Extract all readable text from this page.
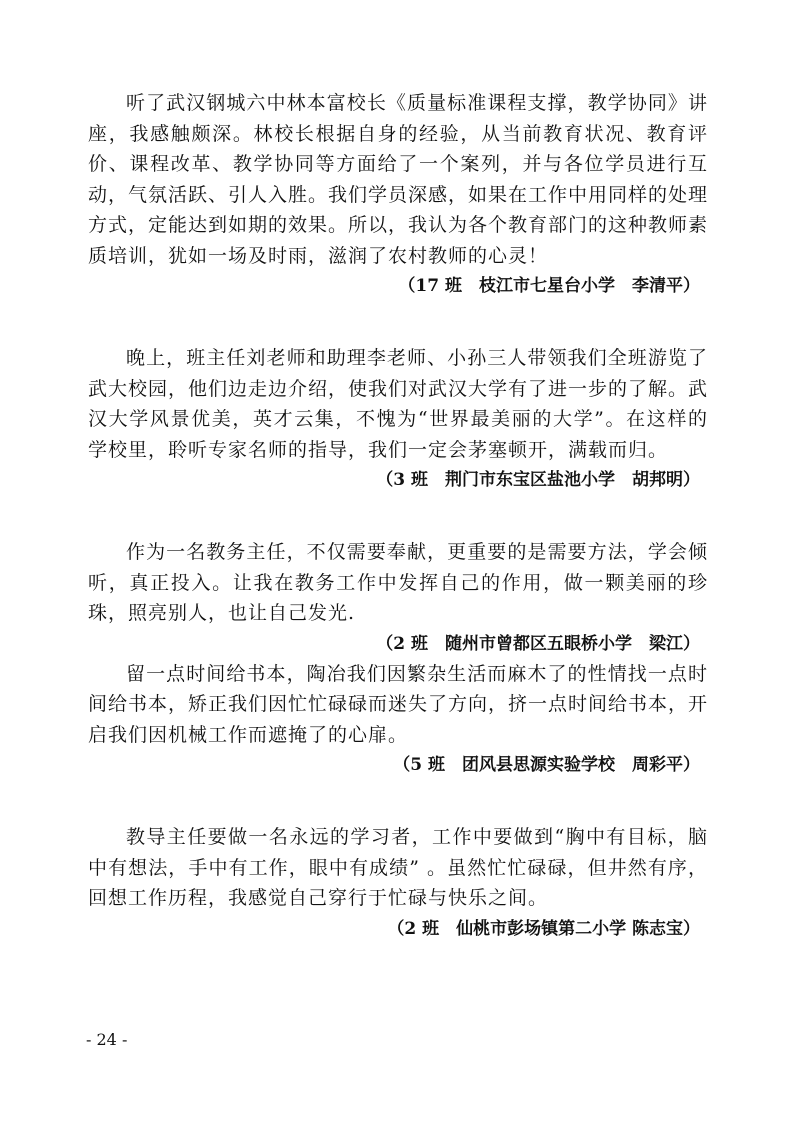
听了武汉钢城六中林本富校长《质量标准课程支撑，教学协同》讲座，我感触颇深。林校长根据自身的经验，从当前教育状况、教育评价、课程改革、教学协同等方面给了一个案列，并与各位学员进行互动，气氛活跃、引人入胜。我们学员深感，如果在工作中用同样的处理方式，定能达到如期的效果。所以，我认为各个教育部门的这种教师素质培训，犹如一场及时雨，滋润了农村教师的心灵！

（17 班　枝江市七星台小学　李清平）

晚上，班主任刘老师和助理李老师、小孙三人带领我们全班游览了武大校园，他们边走边介绍，使我们对武汉大学有了进一步的了解。武汉大学风景优美，英才云集，不愧为“世界最美丽的大学”。在这样的学校里，聆听专家名师的指导，我们一定会茅塞顿开，满载而归。

（3 班　荆门市东宝区盐池小学　胡邦明）

作为一名教务主任，不仅需要奉献，更重要的是需要方法，学会倾听，真正投入。让我在教务工作中发挥自己的作用，做一颗美丽的珍珠，照亮别人，也让自己发光.

（2 班　随州市曾都区五眼桥小学　梁江）

留一点时间给书本，陶冶我们因繁杂生活而麻木了的性情找一点时间给书本，矫正我们因忙忙碌碌而迷失了方向，挤一点时间给书本，开启我们因机械工作而遮掩了的心扉。

（5 班　团风县思源实验学校　周彩平）

教导主任要做一名永远的学习者，工作中要做到“胸中有目标，脑中有想法，手中有工作，眼中有成绩” 。虽然忙忙碌碌，但井然有序，回想工作历程，我感觉自己穿行于忙碌与快乐之间。

（2 班　仙桃市彭场镇第二小学 陈志宝）
- 24 -
